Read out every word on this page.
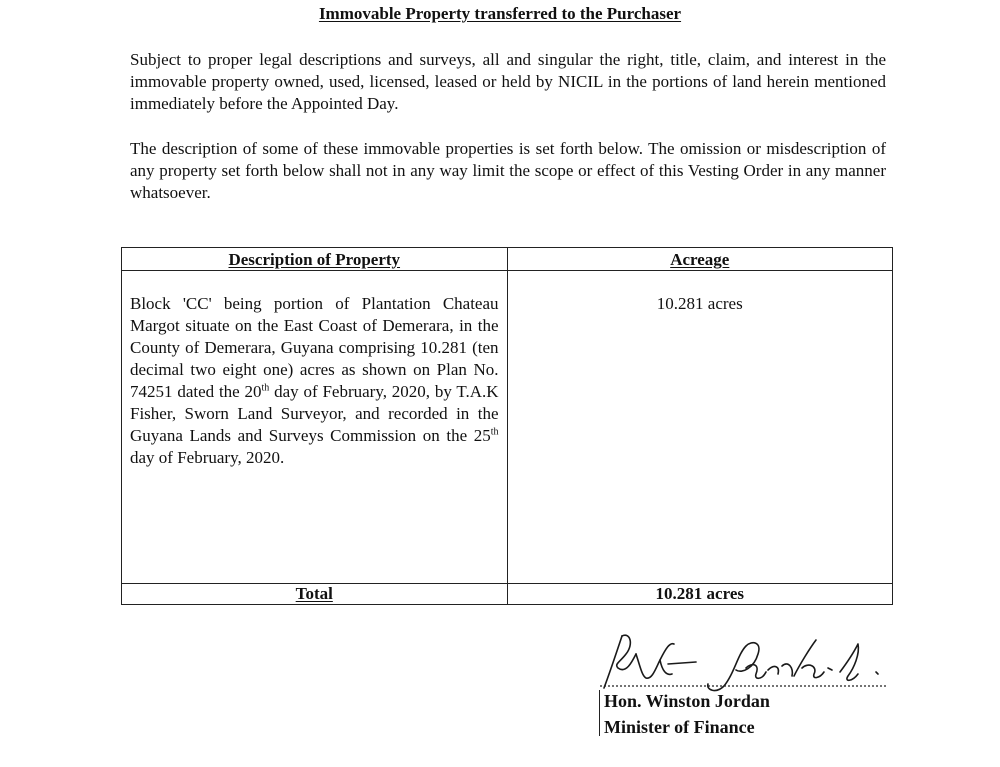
Immovable Property transferred to the Purchaser

Subject to proper legal descriptions and surveys, all and singular the right, title, claim, and interest in the immovable property owned, used, licensed, leased or held by NICIL in the portions of land herein mentioned immediately before the Appointed Day.

The description of some of these immovable properties is set forth below. The omission or misdescription of any property set forth below shall not in any way limit the scope or effect of this Vesting Order in any manner whatsoever.

Description of Property	Acreage
Block 'CC' being portion of Plantation Chateau Margot situate on the East Coast of Demerara, in the County of Demerara, Guyana comprising 10.281 (ten decimal two eight one) acres as shown on Plan No. 74251 dated the 20th day of February, 2020, by T.A.K Fisher, Sworn Land Surveyor, and recorded in the Guyana Lands and Surveys Commission on the 25th day of February, 2020.	10.281 acres
Total	10.281 acres
Hon. Winston Jordan
Minister of Finance
